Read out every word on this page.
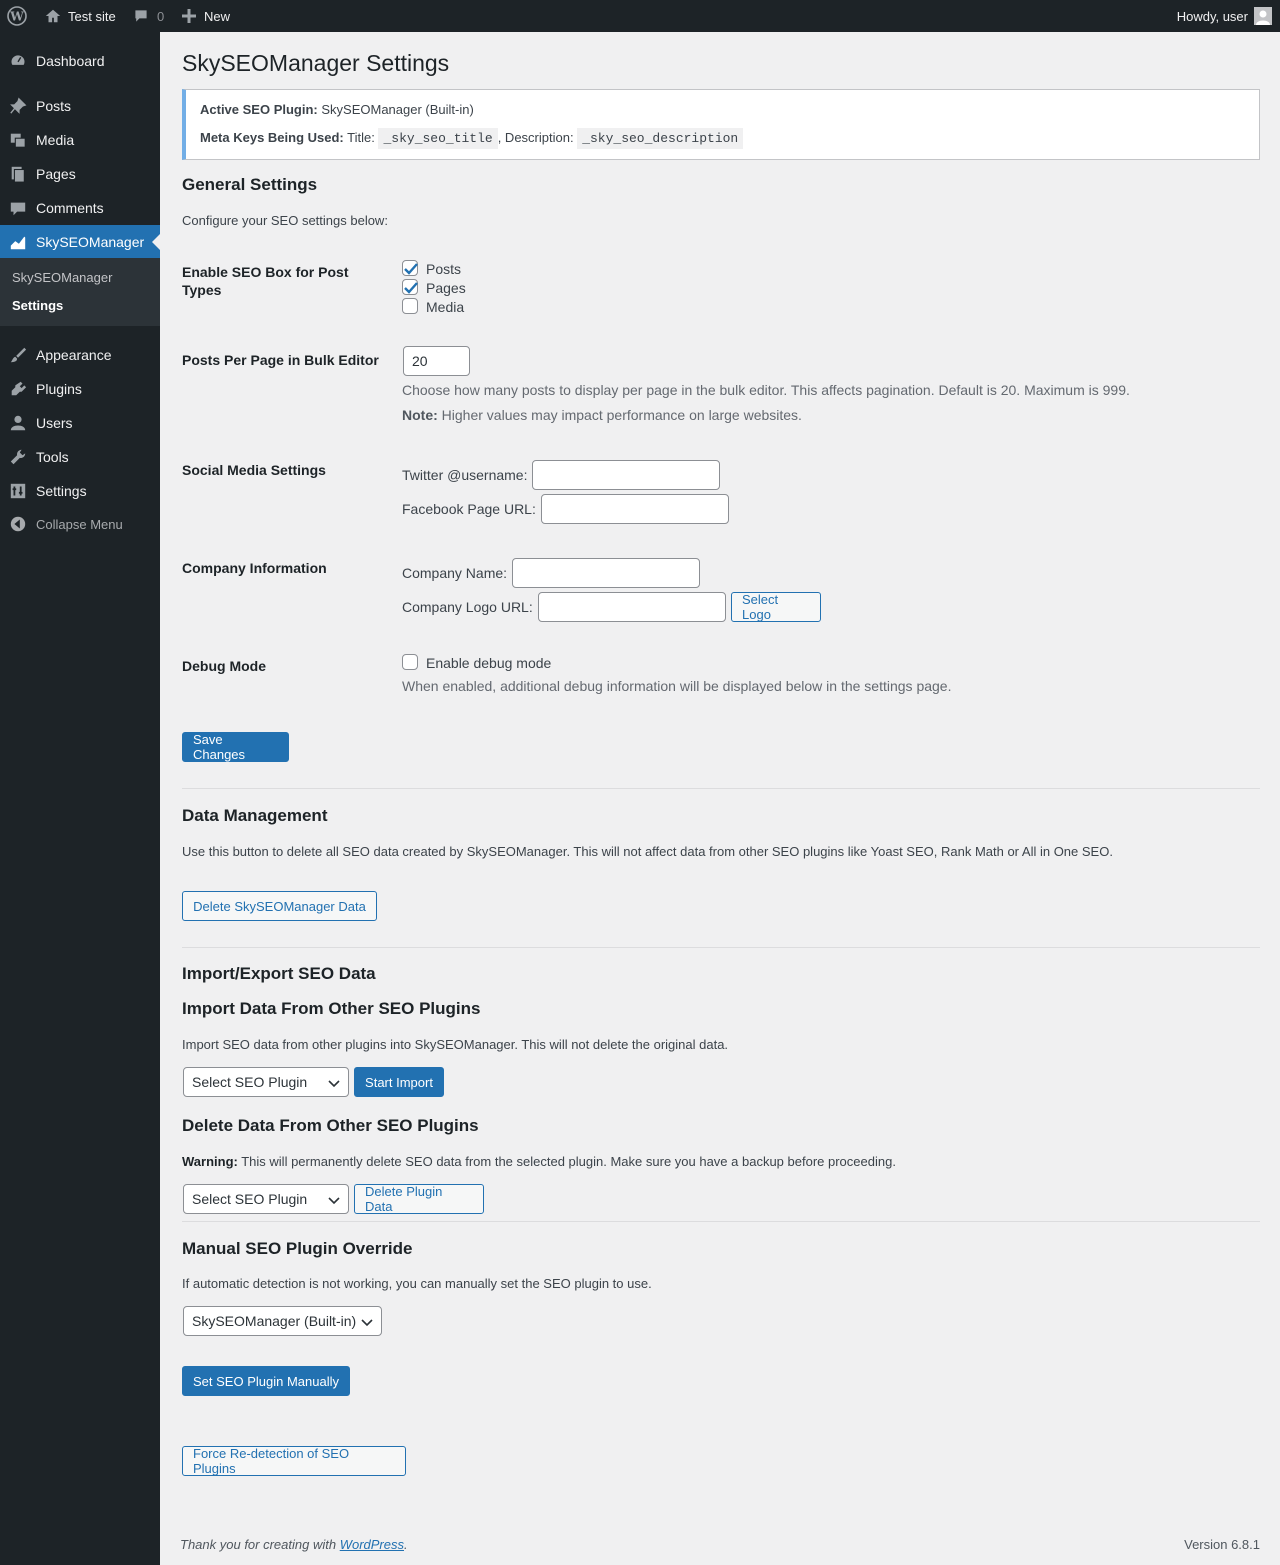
W	Test site	0	New	Howdy, user
Dashboard
Posts
Media
Pages
Comments
SkySEOManager
SkySEOManager
Settings
Appearance
Plugins
Users
Tools
Settings
Collapse Menu
SkySEOManager Settings
Active SEO Plugin: SkySEOManager (Built-in)
Meta Keys Being Used: Title: _sky_seo_title , Description: _sky_seo_description
General Settings
Configure your SEO settings below:
Enable SEO Box for Post Types
Posts
Pages
Media
Posts Per Page in Bulk Editor	20
Choose how many posts to display per page in the bulk editor. This affects pagination. Default is 20. Maximum is 999.
Note: Higher values may impact performance on large websites.
Social Media Settings	Twitter @username:
Facebook Page URL:
Company Information	Company Name:
Company Logo URL:	Select Logo
Debug Mode	Enable debug mode
When enabled, additional debug information will be displayed below in the settings page.
Save Changes
Data Management
Use this button to delete all SEO data created by SkySEOManager. This will not affect data from other SEO plugins like Yoast SEO, Rank Math or All in One SEO.
Delete SkySEOManager Data
Import/Export SEO Data
Import Data From Other SEO Plugins
Import SEO data from other plugins into SkySEOManager. This will not delete the original data.
Select SEO Plugin	Start Import
Delete Data From Other SEO Plugins
Warning: This will permanently delete SEO data from the selected plugin. Make sure you have a backup before proceeding.
Select SEO Plugin	Delete Plugin Data
Manual SEO Plugin Override
If automatic detection is not working, you can manually set the SEO plugin to use.
SkySEOManager (Built-in)
Set SEO Plugin Manually
Force Re-detection of SEO Plugins
Thank you for creating with WordPress.	Version 6.8.1
